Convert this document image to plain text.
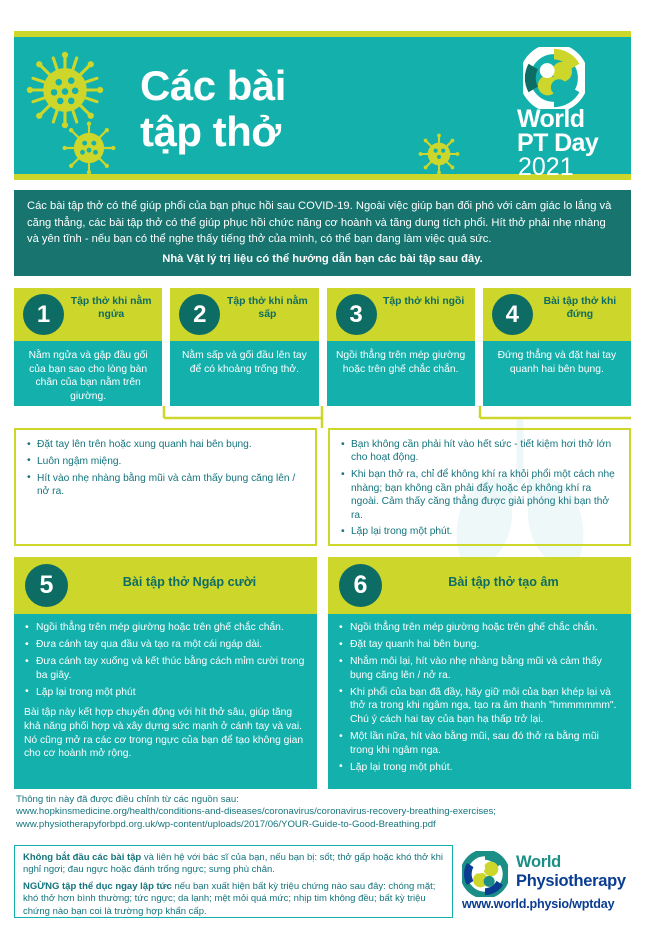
Các bài
tập thở	World
PT Day
2021
Các bài tập thở có thể giúp phổi của bạn phục hồi sau COVID-19. Ngoài việc giúp bạn đối phó với cảm giác lo lắng và căng thẳng, các bài tập thở có thể giúp phục hồi chức năng cơ hoành và tăng dung tích phổi. Hít thở phải nhẹ nhàng và yên tĩnh - nếu bạn có thể nghe thấy tiếng thở của mình, có thể bạn đang làm việc quá sức.
Nhà Vật lý trị liệu có thể hướng dẫn bạn các bài tập sau đây.
1	Tập thở khi nằm ngửa
Nằm ngửa và gập đầu gối của bạn sao cho lòng bàn chân của bạn nằm trên giường.
2	Tập thở khi nằm sấp
Nằm sấp và gối đầu lên tay để có khoảng trống thở.
3	Tập thở khi ngồi
Ngồi thẳng trên mép giường hoặc trên ghế chắc chắn.
4	Bài tập thở khi đứng
Đứng thẳng và đặt hai tay quanh hai bên bụng.
• Đặt tay lên trên hoặc xung quanh hai bên bụng.
• Luôn ngậm miệng.
• Hít vào nhẹ nhàng bằng mũi và cảm thấy bụng căng lên / nở ra.
• Bạn không cần phải hít vào hết sức - tiết kiệm hơi thở lớn cho hoạt động.
• Khi bạn thở ra, chỉ để không khí ra khỏi phổi một cách nhẹ nhàng; bạn không cần phải đẩy hoặc ép không khí ra ngoài. Cảm thấy căng thẳng được giải phóng khi bạn thở ra.
• Lặp lại trong một phút.
5	Bài tập thở Ngáp cười
• Ngồi thẳng trên mép giường hoặc trên ghế chắc chắn.
• Đưa cánh tay qua đầu và tạo ra một cái ngáp dài.
• Đưa cánh tay xuống và kết thúc bằng cách mỉm cười trong ba giây.
• Lặp lại trong một phút
Bài tập này kết hợp chuyển động với hít thở sâu, giúp tăng khả năng phối hợp và xây dựng sức mạnh ở cánh tay và vai. Nó cũng mở ra các cơ trong ngực của bạn để tạo không gian cho cơ hoành mở rộng.
6	Bài tập thở tạo âm
• Ngồi thẳng trên mép giường hoặc trên ghế chắc chắn.
• Đặt tay quanh hai bên bụng.
• Nhắm môi lại, hít vào nhẹ nhàng bằng mũi và cảm thấy bụng căng lên / nở ra.
• Khi phổi của bạn đã đầy, hãy giữ môi của bạn khép lại và thở ra trong khi ngâm nga, tạo ra âm thanh "hmmmmmm". Chú ý cách hai tay của bạn hạ thấp trở lại.
• Một lần nữa, hít vào bằng mũi, sau đó thở ra bằng mũi trong khi ngâm nga.
• Lặp lại trong một phút.
Thông tin này đã được điều chỉnh từ các nguồn sau:
www.hopkinsmedicine.org/health/conditions-and-diseases/coronavirus/coronavirus-recovery-breathing-exercises;
www.physiotherapyforbpd.org.uk/wp-content/uploads/2017/06/YOUR-Guide-to-Good-Breathing.pdf

Không bắt đầu các bài tập và liên hệ với bác sĩ của bạn, nếu bạn bị: sốt; thở gấp hoặc khó thở khi nghỉ ngơi; đau ngực hoặc đánh trống ngực; sưng phù chân.

NGỪNG tập thể dục ngay lập tức nếu bạn xuất hiện bất kỳ triệu chứng nào sau đây: chóng mặt; khó thở hơn bình thường; tức ngực; da lạnh; mệt mỏi quá mức; nhịp tim không đều; bất kỳ triệu chứng nào bạn coi là trường hợp khẩn cấp.

World
Physiotherapy
www.world.physio/wptday
